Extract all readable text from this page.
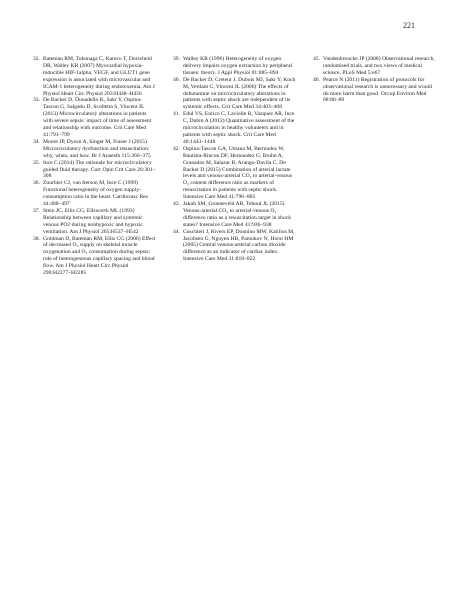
221
32. Bateman RM, Tokunaga C, Kareco T, Dorscheid DR, Walley KR (2007) Myocardial hypoxia-inducible HIF-1alpha, VEGF, and GLUT1 gene expression is associated with microvascular and ICAM-1 heterogeneity during endotoxemia. Am J Physiol Heart Circ Physiol 293:H448–H456
33. De Backer D, Donadello K, Sakr Y, Ospina-Tascon G, Salgado D, Scolletta S, Vincent JL (2013) Microcirculatory alterations in patients with severe sepsis: impact of time of assessment and relationship with outcome. Crit Care Med 41:791–799
34. Moore JP, Dyson A, Singer M, Fraser J (2015) Microcirculatory dysfunction and resuscitation: why, when, and how. Br J Anaesth 115:366–375
35. Ince C (2014) The rationale for microcirculatory guided fluid therapy. Curr Opin Crit Care 20:301–308
36. Zuurbier CJ, van Iterson M, Ince C (1999) Functional heterogeneity of oxygen supply-consumption ratio in the heart. Cardiovasc Res 44:488–497
37. Stein JC, Ellis CG, Ellsworth ML (1993) Relationship between capillary and systemic venous PO2 during nonhypoxic and hypoxic ventilation. Am J Physiol 265:H537–H542
38. Goldman D, Bateman RM, Ellis CG (2006) Effect of decreased O₂ supply on skeletal muscle oxygenation and O₂ consumption during sepsis: role of heterogeneous capillary spacing and blood flow. Am J Physiol Heart Circ Physiol 290:H2277–H2285
39. Walley KR (1996) Heterogeneity of oxygen delivery impairs oxygen extraction by peripheral tissues: theory. J Appl Physiol 81:885–894
40. De Backer D, Creteur J, Dubois MJ, Sakr Y, Koch M, Verdant C, Vincent JL (2006) The effects of dobutamine on microcirculatory alterations in patients with septic shock are independent of its systemic effects. Crit Care Med 34:403–408
41. Edul VS, Enrico C, Laviolle B, Vazquez AR, Ince C, Dubin A (2012) Quantitative assessment of the microcirculation in healthy volunteers and in patients with septic shock. Crit Care Med 40:1443–1448
42. Ospina-Tascon GA, Umana M, Bermudez W, Bautista-Rincon DF, Hernandez G, Bruhn A, Granados M, Salazar B, Arango-Davila C, De Backer D (2015) Combination of arterial lactate levels and venous-arterial CO₂ to arterial-venous O₂ content difference ratio as markers of resuscitation in patients with septic shock. Intensive Care Med 41:796–805
43. Jakob SM, Groeneveld AB, Teboul JL (2015) Venous-arterial CO₂ to arterial-venous O₂ difference ratio as a resuscitation target in shock states? Intensive Care Med 41:936–938
44. Cuschieri J, Rivers EP, Donnino MW, Katilius M, Jacobsen G, Nguyen HB, Pamukov N, Horst HM (2005) Central venous-arterial carbon dioxide difference as an indicator of cardiac index. Intensive Care Med 31:818–822
45. Vandenbroucke JP (2008) Observational research, randomised trials, and two views of medical science. PLoS Med 5:e67
46. Pearce N (2011) Registration of protocols for observational research is unnecessary and would do more harm than good. Occup Environ Med 68:86–88
